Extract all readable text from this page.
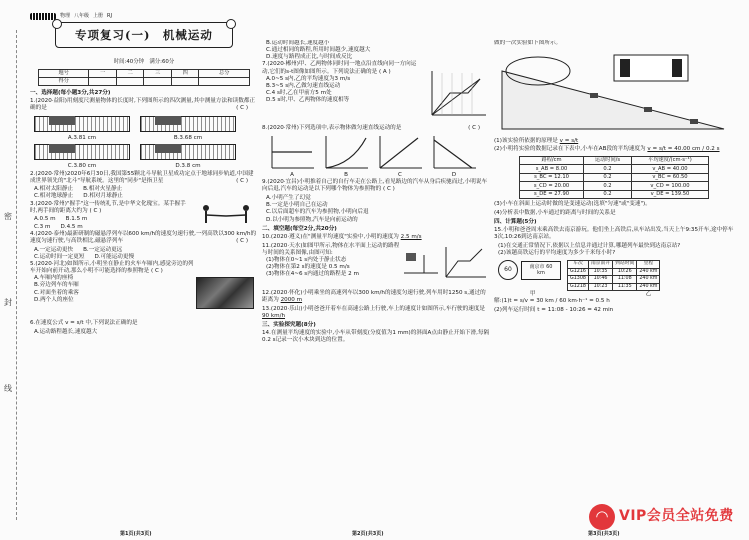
物理 八年级 上册 RJ
密
封
线
专项复习(一)　机械运动
时间:40分钟　满分:60分
题号	一	二	三	四	总分
得分					
一、选择题(每小题3分,共27分)
1.(2020·益阳)用刻度尺测量物体的长度时,下列图所示的四次测量,其中测量方法和读数都正确的是	( C )

A.3.81 cm	B.3.68 cm

C.3.80 cm	D.3.8 cm
2.(2020·常州)2020年6月30日,我国第55颗北斗导航卫星成功定点于地球同步轨道,中国建成世界领先的"北斗"导航系统。这里的"同步"是指卫星	( C )
A.相对太阳静止 B.相对火星静止
C.相对地球静止 D.相对月球静止
3.(2020·常州)"握手"这一传统礼节,是中华文化瑰宝。某手握手时,两手间的距离大约为 ( C )
A.0.5 m B.1.5 m
C.3 m D.4.5 m
4.(2020·泰州)最新研制的磁悬浮列车以600 km/h的速度匀速行驶,一列高铁以300 km/h的速度匀速行驶,与高铁相比,磁悬浮列车	( C )
A.一定运动更快 B.一定运动更远
C.运动时间一定更短 D.可能运动更慢
5.(2020·河北)如图所示,小明坐在静止的火车车厢内,感觉旁边的列车开始向前开动,那么小明不可能选择的参照物是 ( C )
A.车厢内的座椅
B.旁边列车的车厢
C.对面坐着的乘客
D.两个人的座位
6.在速度公式 v = s/t 中,下列说法正确的是
A.运动路程越长,速度越大
第1页(共3页)
B.运动时间越长,速度越小
C.通过相同的路程,所用时间越少,速度越大
D.速度与路程成正比,与时间成反比
7.(2020·郴州)甲、乙两物体同时同一地点沿直线向同一方向运动,它们的s-t图像如图所示。下列说法正确的是 ( A )
A.0~5 s内,乙的平均速度为3 m/s
B.3~5 s内,乙做匀速直线运动
C.4 s时,乙在甲前方5 m处
D.5 s时,甲、乙两物体的速度相等
8.(2020·常州)下列选项中,表示物体做匀速直线运动的是	( C )
A	B	C	D
9.(2020·宜昌)小明推着自己的自行车走在公路上,看见路边的汽车从身后疾驰而过,小明说车向后退,汽车的运动是以下列哪个物体为参照物的 ( C )
A.小明产生了幻觉
B.一定是小明自己在运动
C.以后面超车的汽车为参照物,小明向后退
D.以小明为参照物,汽车是向前运动的
二、填空题(每空2分,共20分)
10.(2020·遵义)在"测量平均速度"实验中,小明的速度为 2.5 m/s
11.(2020·天水)如图甲所示,物体在水平面上运动的路程与时间的关系图像,由图可知:
(1)物体在0~1 s内处于静止状态
(2)物体在第2 s的速度是 0.5 m/s
(3)物体在4~6 s内通过的路程是 2 m
12.(2020·怀化)小明乘坐的高速列车以300 km/h的速度匀速行驶,列车用时1250 s,通过的距离为 2000 m
13.(2020·乐山)小明爸爸开着车在高速公路上行驶,车上的速度计如图所示,车行驶的速度是 90 km/h
三、实验探究题(8分)
14.在测量平均速度的实验中,小车从带刻度(分度值为1 mm)的斜面A点由静止开始下滑,每隔0.2 s记录一次小木块到达的位置。
第2页(共3页)
做的一次实验如下图所示。
(1)该实验所依据的原理是 v = s/t
(2)小明将实验的数据记录在下表中,小车在AB段的平均速度为 v = s/t = 40.00 cm / 0.2 s
路程/cm	运动时间/s	平均速度/(cm·s⁻¹)
s_AB = 8.00	0.2	v_AB = 40.00
s_BC = 12.10	0.2	v_BC = 60.50
s_CD = 20.00	0.2	v_CD = 100.00
s_DE = 27.90	0.2	v_DE = 139.50
(3)小车在斜面上运动时做的是变速运动(选填"匀速"或"变速")。
(4)分析表中数据,小车通过的距离与时间的关系是
四、计算题(5分)
15.小明和爸爸周末乘高铁去南京游玩。他们坐上高铁后,从车站出发,当天上午9:35开车,途中停车3次,10:26到达南京站。
(1)在交通正常情况下,依据以上信息并通过计算,哪趟列车最快到达南京站?
(2)该趟高铁运行的平均速度为多少千米每小时?
60	南京市 60 km
车次	南京南开	到站时间	里程
G1216	10:35	10:26	240 km
G1308	10:46	11:08	240 km
G1218	10:23	11:35	240 km
甲	乙
解:(1)t = s/v = 30 km / 60 km·h⁻¹ = 0.5 h
(2)列车运行时间 t = 11:08 - 10:26 = 42 min
第3页(共3页)
◠ VIP会员全站免费
